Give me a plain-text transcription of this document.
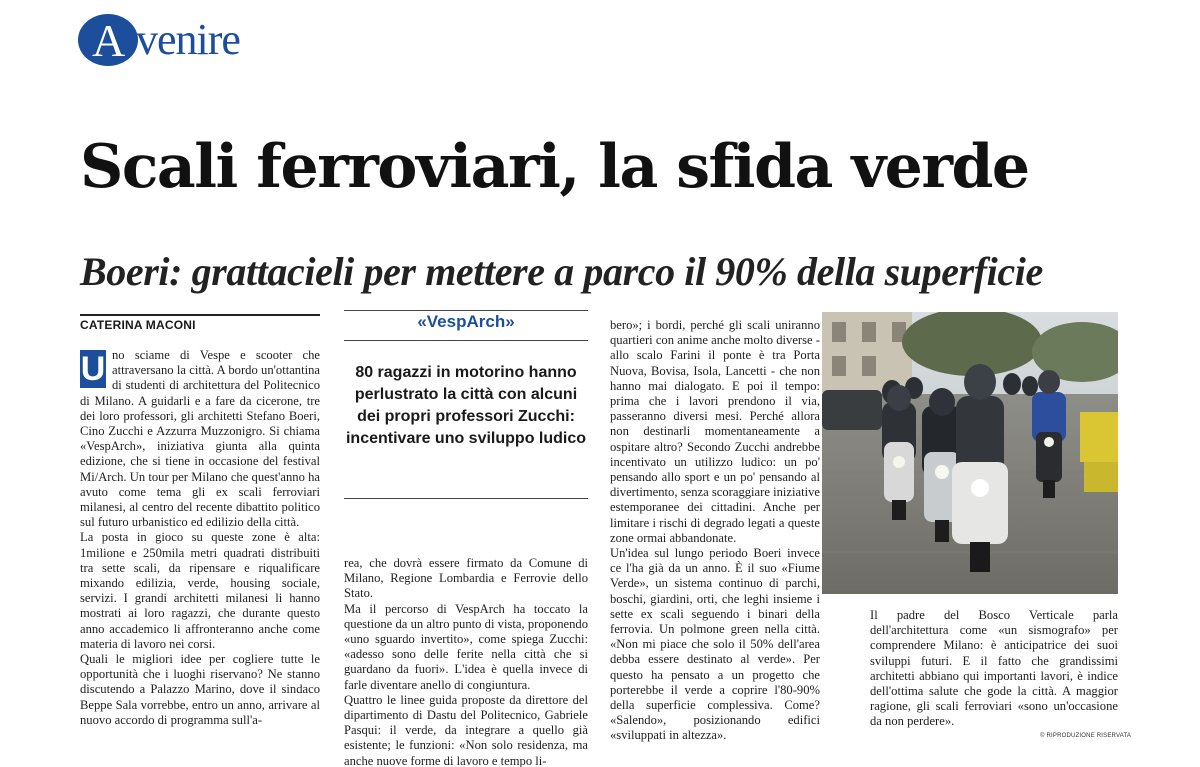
A venire
Scali ferroviari, la sfida verde
Boeri: grattacieli per mettere a parco il 90% della superficie
CATERINA MACONI
U no sciame di Vespe e scooter che attraversano la città. A bordo un'ottantina di studenti di architettura del Politecnico di Milano. A guidarli e a fare da cicerone, tre dei loro professori, gli architetti Stefano Boeri, Cino Zucchi e Azzurra Muzzonigro. Si chiama «VespArch», iniziativa giunta alla quinta edizione, che si tiene in occasione del festival Mi/Arch. Un tour per Milano che quest'anno ha avuto come tema gli ex scali ferroviari milanesi, al centro del recente dibattito politico sul futuro urbanistico ed edilizio della città.

La posta in gioco su queste zone è alta: 1milione e 250mila metri quadrati distribuiti tra sette scali, da ripensare e riqualificare mixando edilizia, verde, housing sociale, servizi. I grandi architetti milanesi li hanno mostrati ai loro ragazzi, che durante questo anno accademico li affronteranno anche come materia di lavoro nei corsi.

Quali le migliori idee per cogliere tutte le opportunità che i luoghi riservano? Ne stanno discutendo a Palazzo Marino, dove il sindaco Beppe Sala vorrebbe, entro un anno, arrivare al nuovo accordo di programma sull'a-

«VespArch»
80 ragazzi in motorino hanno perlustrato la città con alcuni dei propri professori Zucchi: incentivare uno sviluppo ludico

rea, che dovrà essere firmato da Comune di Milano, Regione Lombardia e Ferrovie dello Stato.

Ma il percorso di VespArch ha toccato la questione da un altro punto di vista, proponendo «uno sguardo invertito», come spiega Zucchi: «adesso sono delle ferite nella città che si guardano da fuori». L'idea è quella invece di farle diventare anello di congiuntura.

Quattro le linee guida proposte da direttore del dipartimento di Dastu del Politecnico, Gabriele Pasqui: il verde, da integrare a quello già esistente; le funzioni: «Non solo residenza, ma anche nuove forme di lavoro e tempo li-

bero»; i bordi, perché gli scali uniranno quartieri con anime anche molto diverse - allo scalo Farini il ponte è tra Porta Nuova, Bovisa, Isola, Lancetti - che non hanno mai dialogato. E poi il tempo: prima che i lavori prendono il via, passeranno diversi mesi. Perché allora non destinarli momentaneamente a ospitare altro? Secondo Zucchi andrebbe incentivato un utilizzo ludico: un po' pensando allo sport e un po' pensando al divertimento, senza scoraggiare iniziative estemporanee dei cittadini. Anche per limitare i rischi di degrado legati a queste zone ormai abbandonate.

Un'idea sul lungo periodo Boeri invece ce l'ha già da un anno. È il suo «Fiume Verde», un sistema continuo di parchi, boschi, giardini, orti, che leghi insieme i sette ex scali seguendo i binari della ferrovia. Un polmone green nella città. «Non mi piace che solo il 50% dell'area debba essere destinato al verde». Per questo ha pensato a un progetto che porterebbe il verde a coprire l'80-90% della superficie complessiva. Come? «Salendo», posizionando edifici «sviluppati in altezza».

Il padre del Bosco Verticale parla dell'architettura come «un sismografo» per comprendere Milano: è anticipatrice dei suoi sviluppi futuri. E il fatto che grandissimi architetti abbiano qui importanti lavori, è indice dell'ottima salute che gode la città. A maggior ragione, gli scali ferroviari «sono un'occasione da non perdere».

© RIPRODUZIONE RISERVATA
